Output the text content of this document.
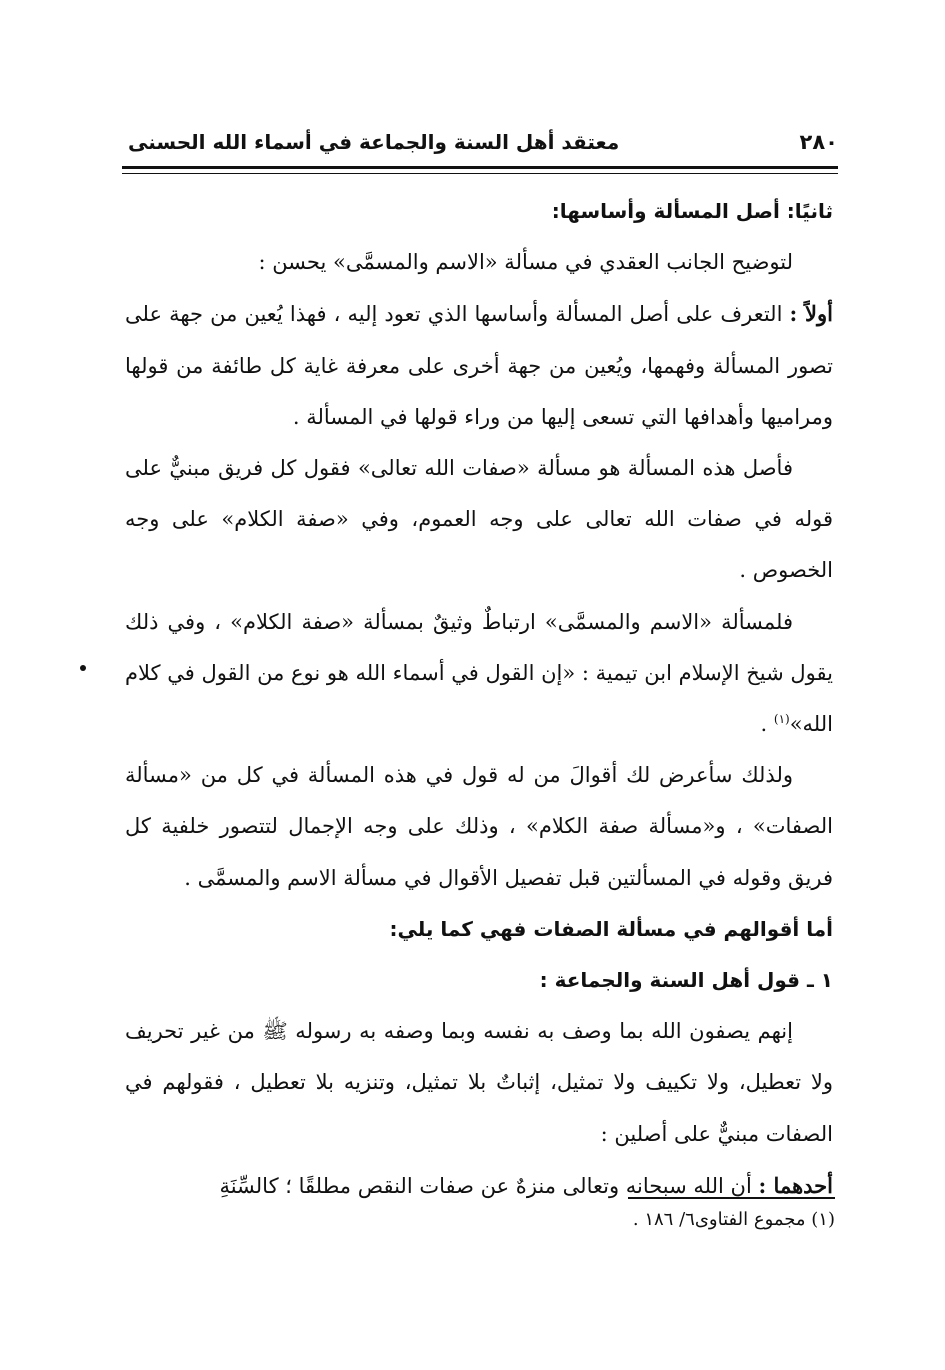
٢٨٠
معتقد أهل السنة والجماعة في أسماء الله الحسنى

ثانيًا: أصل المسألة وأساسها:

لتوضيح الجانب العقدي في مسألة «الاسم والمسمَّى» يحسن :

أولاً : التعرف على أصل المسألة وأساسها الذي تعود إليه ، فهذا يُعين من جهة على تصور المسألة وفهمها، ويُعين من جهة أخرى على معرفة غاية كل طائفة من قولها ومراميها وأهدافها التي تسعى إليها من وراء قولها في المسألة .

فأصل هذه المسألة هو مسألة «صفات الله تعالى» فقول كل فريق مبنيٌّ على قوله في صفات الله تعالى على وجه العموم، وفي «صفة الكلام» على وجه الخصوص .

فلمسألة «الاسم والمسمَّى» ارتباطٌ وثيقٌ بمسألة «صفة الكلام» ، وفي ذلك يقول شيخ الإسلام ابن تيمية : «إن القول في أسماء الله هو نوع من القول في كلام الله»$^{(١)}$ .

ولذلك سأعرض لك أقوالَ من له قول في هذه المسألة في كل من «مسألة الصفات» ، و«مسألة صفة الكلام» ، وذلك على وجه الإجمال لتتصور خلفية كل فريق وقوله في المسألتين قبل تفصيل الأقوال في مسألة الاسم والمسمَّى .

أما أقوالهم في مسألة الصفات فهي كما يلي:

١ ـ قول أهل السنة والجماعة :

إنهم يصفون الله بما وصف به نفسه وبما وصفه به رسوله ﷺ من غير تحريف ولا تعطيل، ولا تكييف ولا تمثيل، إثباتٌ بلا تمثيل، وتنزيه بلا تعطيل ، فقولهم في الصفات مبنيٌّ على أصلين :

أحدهما : أن الله سبحانه وتعالى منزهٌ عن صفات النقص مطلقًا ؛ كالسِّنَةِ

(١) مجموع الفتاوى٦/ ١٨٦ .
